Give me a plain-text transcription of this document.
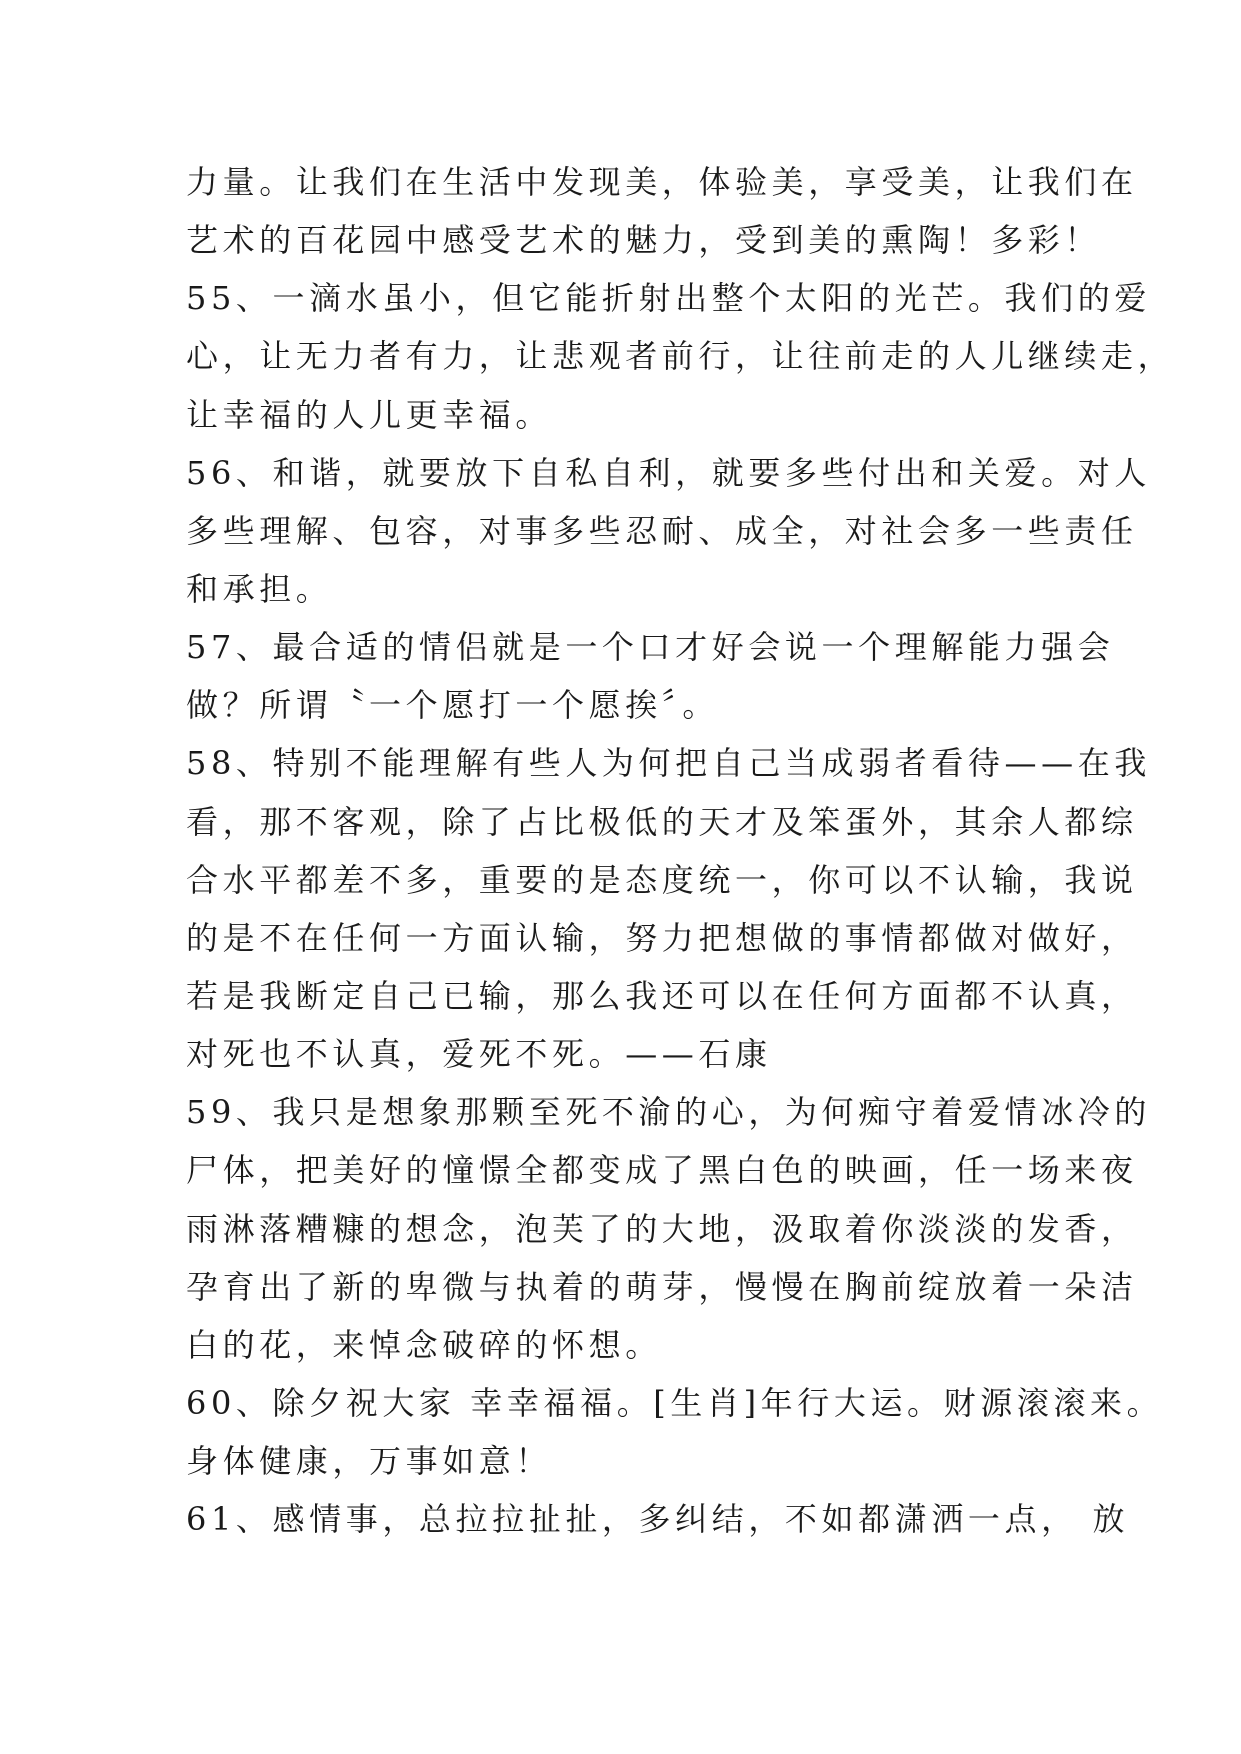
力量。让我们在生活中发现美，体验美，享受美，让我们在
艺术的百花园中感受艺术的魅力，受到美的熏陶！多彩！
55、一滴水虽小，但它能折射出整个太阳的光芒。我们的爱
心，让无力者有力，让悲观者前行，让往前走的人儿继续走，
让幸福的人儿更幸福。
56、和谐，就要放下自私自利，就要多些付出和关爱。对人
多些理解、包容，对事多些忍耐、成全，对社会多一些责任
和承担。
57、最合适的情侣就是一个口才好会说一个理解能力强会
做？所谓〝一个愿打一个愿挨〞。
58、特别不能理解有些人为何把自己当成弱者看待——在我
看，那不客观，除了占比极低的天才及笨蛋外，其余人都综
合水平都差不多，重要的是态度统一，你可以不认输，我说
的是不在任何一方面认输，努力把想做的事情都做对做好，
若是我断定自己已输，那么我还可以在任何方面都不认真，
对死也不认真，爱死不死。——石康
59、我只是想象那颗至死不渝的心，为何痴守着爱情冰冷的
尸体，把美好的憧憬全都变成了黑白色的映画，任一场来夜
雨淋落糟糠的想念，泡芙了的大地，汲取着你淡淡的发香，
孕育出了新的卑微与执着的萌芽，慢慢在胸前绽放着一朵洁
白的花，来悼念破碎的怀想。
60、除夕祝大家 幸幸福福。[生肖]年行大运。财源滚滚来。
身体健康，万事如意！
61、感情事，总拉拉扯扯，多纠结，不如都潇洒一点， 放
